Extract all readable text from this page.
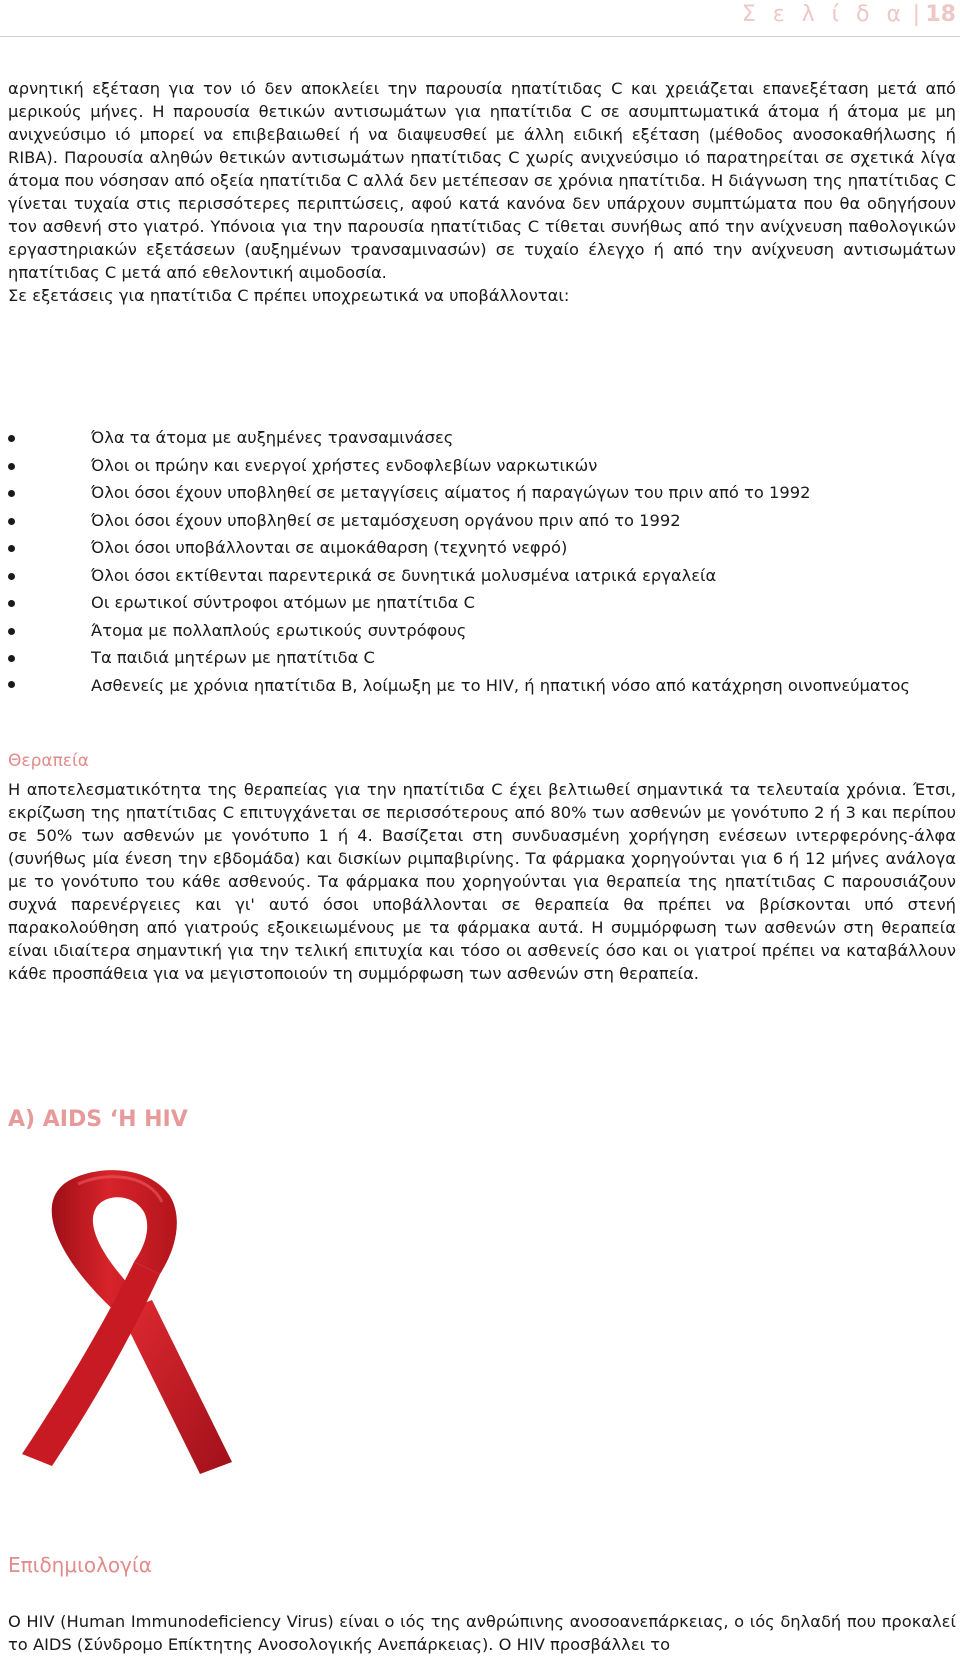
Σ ε λ ί δ α | 18

αρνητική εξέταση για τον ιό δεν αποκλείει την παρουσία ηπατίτιδας C και χρειάζεται επανεξέταση μετά από μερικούς μήνες. Η παρουσία θετικών αντισωμάτων για ηπατίτιδα C σε ασυμπτωματικά άτομα ή άτομα με μη ανιχνεύσιμο ιό μπορεί να επιβεβαιωθεί ή να διαψευσθεί με άλλη ειδική εξέταση (μέθοδος ανοσοκαθήλωσης ή RIBA). Παρουσία αληθών θετικών αντισωμάτων ηπατίτιδας C χωρίς ανιχνεύσιμο ιό παρατηρείται σε σχετικά λίγα άτομα που νόσησαν από οξεία ηπατίτιδα C αλλά δεν μετέπεσαν σε χρόνια ηπατίτιδα. Η διάγνωση της ηπατίτιδας C γίνεται τυχαία στις περισσότερες περιπτώσεις, αφού κατά κανόνα δεν υπάρχουν συμπτώματα που θα οδηγήσουν τον ασθενή στο γιατρό. Υπόνοια για την παρουσία ηπατίτιδας C τίθεται συνήθως από την ανίχνευση παθολογικών εργαστηριακών εξετάσεων (αυξημένων τρανσαμινασών) σε τυχαίο έλεγχο ή από την ανίχνευση αντισωμάτων ηπατίτιδας C μετά από εθελοντική αιμοδοσία.

Σε εξετάσεις για ηπατίτιδα C πρέπει υποχρεωτικά να υποβάλλονται:

Όλα τα άτομα με αυξημένες τρανσαμινάσες
Όλοι οι πρώην και ενεργοί χρήστες ενδοφλεβίων ναρκωτικών
Όλοι όσοι έχουν υποβληθεί σε μεταγγίσεις αίματος ή παραγώγων του πριν από το 1992
Όλοι όσοι έχουν υποβληθεί σε μεταμόσχευση οργάνου πριν από το 1992
Όλοι όσοι υποβάλλονται σε αιμοκάθαρση (τεχνητό νεφρό)
Όλοι όσοι εκτίθενται παρεντερικά σε δυνητικά μολυσμένα ιατρικά εργαλεία
Οι ερωτικοί σύντροφοι ατόμων με ηπατίτιδα C
Άτομα με πολλαπλούς ερωτικούς συντρόφους
Τα παιδιά μητέρων με ηπατίτιδα C
Ασθενείς με χρόνια ηπατίτιδα B, λοίμωξη με το HIV, ή ηπατική νόσο από κατάχρηση οινοπνεύματος
Θεραπεία

Η αποτελεσματικότητα της θεραπείας για την ηπατίτιδα C έχει βελτιωθεί σημαντικά τα τελευταία χρόνια. Έτσι, εκρίζωση της ηπατίτιδας C επιτυγχάνεται σε περισσότερους από 80% των ασθενών με γονότυπο 2 ή 3 και περίπου σε 50% των ασθενών με γονότυπο 1 ή 4. Βασίζεται στη συνδυασμένη χορήγηση ενέσεων ιντερφερόνης-άλφα (συνήθως μία ένεση την εβδομάδα) και δισκίων ριμπαβιρίνης. Τα φάρμακα χορηγούνται για 6 ή 12 μήνες ανάλογα με το γονότυπο του κάθε ασθενούς. Τα φάρμακα που χορηγούνται για θεραπεία της ηπατίτιδας C παρουσιάζουν συχνά παρενέργειες και γι' αυτό όσοι υποβάλλονται σε θεραπεία θα πρέπει να βρίσκονται υπό στενή παρακολούθηση από γιατρούς εξοικειωμένους με τα φάρμακα αυτά. Η συμμόρφωση των ασθενών στη θεραπεία είναι ιδιαίτερα σημαντική για την τελική επιτυχία και τόσο οι ασθενείς όσο και οι γιατροί πρέπει να καταβάλλουν κάθε προσπάθεια για να μεγιστοποιούν τη συμμόρφωση των ασθενών στη θεραπεία.

A) AIDS ‘H HIV
Επιδημιολογία

Ο HIV (Human Immunodeficiency Virus) είναι ο ιός της ανθρώπινης ανοσοανεπάρκειας, ο ιός δηλαδή που προκαλεί το AIDS (Σύνδρομο Επίκτητης Ανοσολογικής Ανεπάρκειας). Ο HIV προσβάλλει το
